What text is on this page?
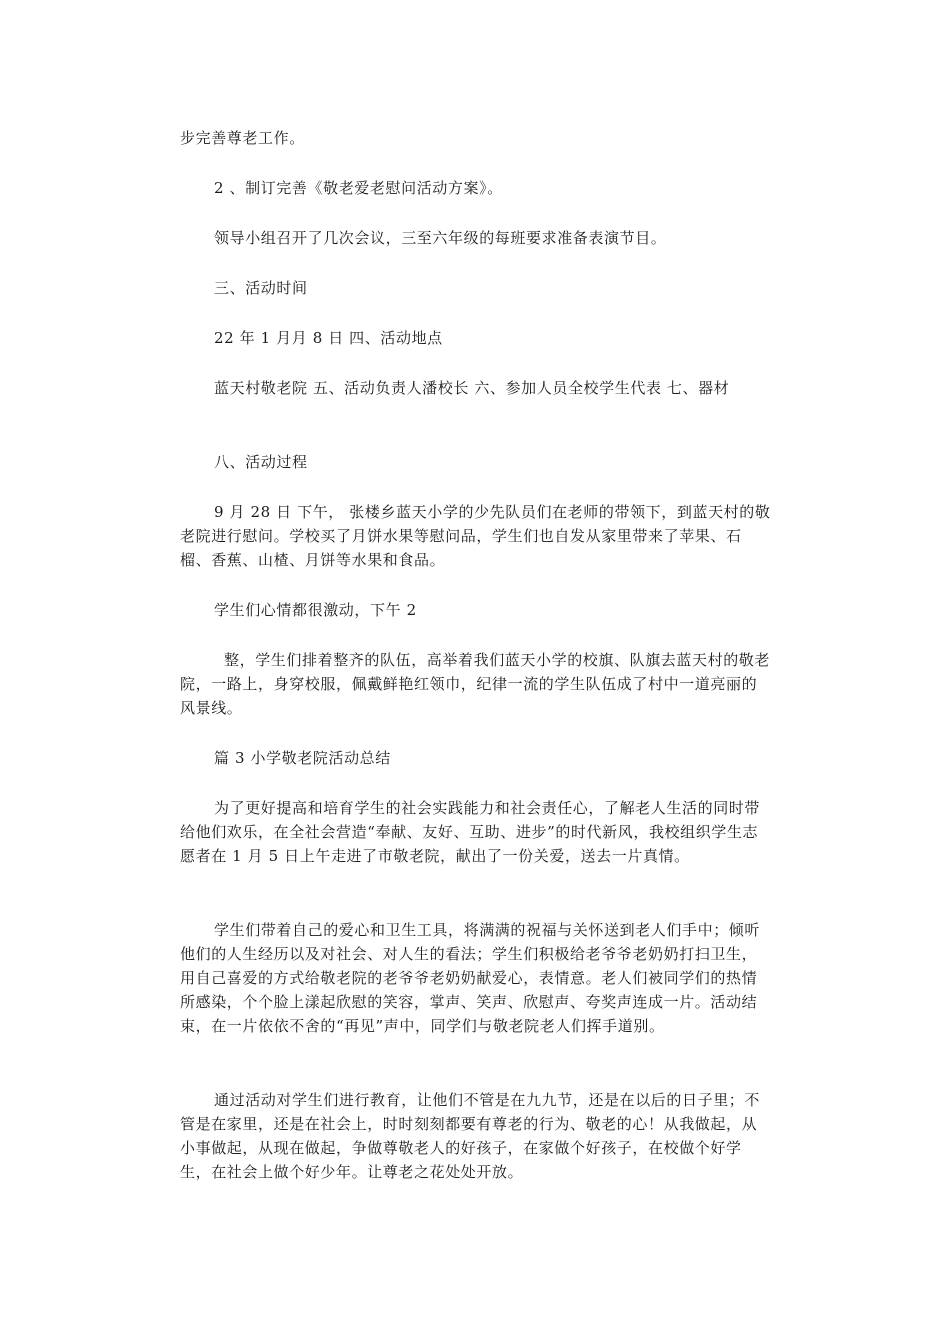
步完善尊老工作。

2 、制订完善《敬老爱老慰问活动方案》。

领导小组召开了几次会议，三至六年级的每班要求准备表演节目。

三、活动时间

22 年 1 月月 8 日 四、活动地点

蓝天村敬老院 五、活动负责人潘校长 六、参加人员全校学生代表 七、器材

八、活动过程

9 月 28 日 下午， 张楼乡蓝天小学的少先队员们在老师的带领下，到蓝天村的敬老院进行慰问。学校买了月饼水果等慰问品，学生们也自发从家里带来了苹果、石榴、香蕉、山楂、月饼等水果和食品。

学生们心情都很激动，下午 2

整，学生们排着整齐的队伍，高举着我们蓝天小学的校旗、队旗去蓝天村的敬老院，一路上，身穿校服，佩戴鲜艳红领巾，纪律一流的学生队伍成了村中一道亮丽的风景线。

篇 3 小学敬老院活动总结

为了更好提高和培育学生的社会实践能力和社会责任心，了解老人生活的同时带给他们欢乐，在全社会营造“奉献、友好、互助、进步”的时代新风，我校组织学生志愿者在 1 月 5 日上午走进了市敬老院，献出了一份关爱，送去一片真情。

学生们带着自己的爱心和卫生工具，将满满的祝福与关怀送到老人们手中；倾听他们的人生经历以及对社会、对人生的看法；学生们积极给老爷爷老奶奶打扫卫生，用自己喜爱的方式给敬老院的老爷爷老奶奶献爱心，表情意。老人们被同学们的热情所感染，个个脸上漾起欣慰的笑容，掌声、笑声、欣慰声、夸奖声连成一片。活动结束，在一片依依不舍的“再见”声中，同学们与敬老院老人们挥手道别。

通过活动对学生们进行教育，让他们不管是在九九节，还是在以后的日子里；不管是在家里，还是在社会上，时时刻刻都要有尊老的行为、敬老的心！从我做起，从小事做起，从现在做起，争做尊敬老人的好孩子，在家做个好孩子，在校做个好学生，在社会上做个好少年。让尊老之花处处开放。
